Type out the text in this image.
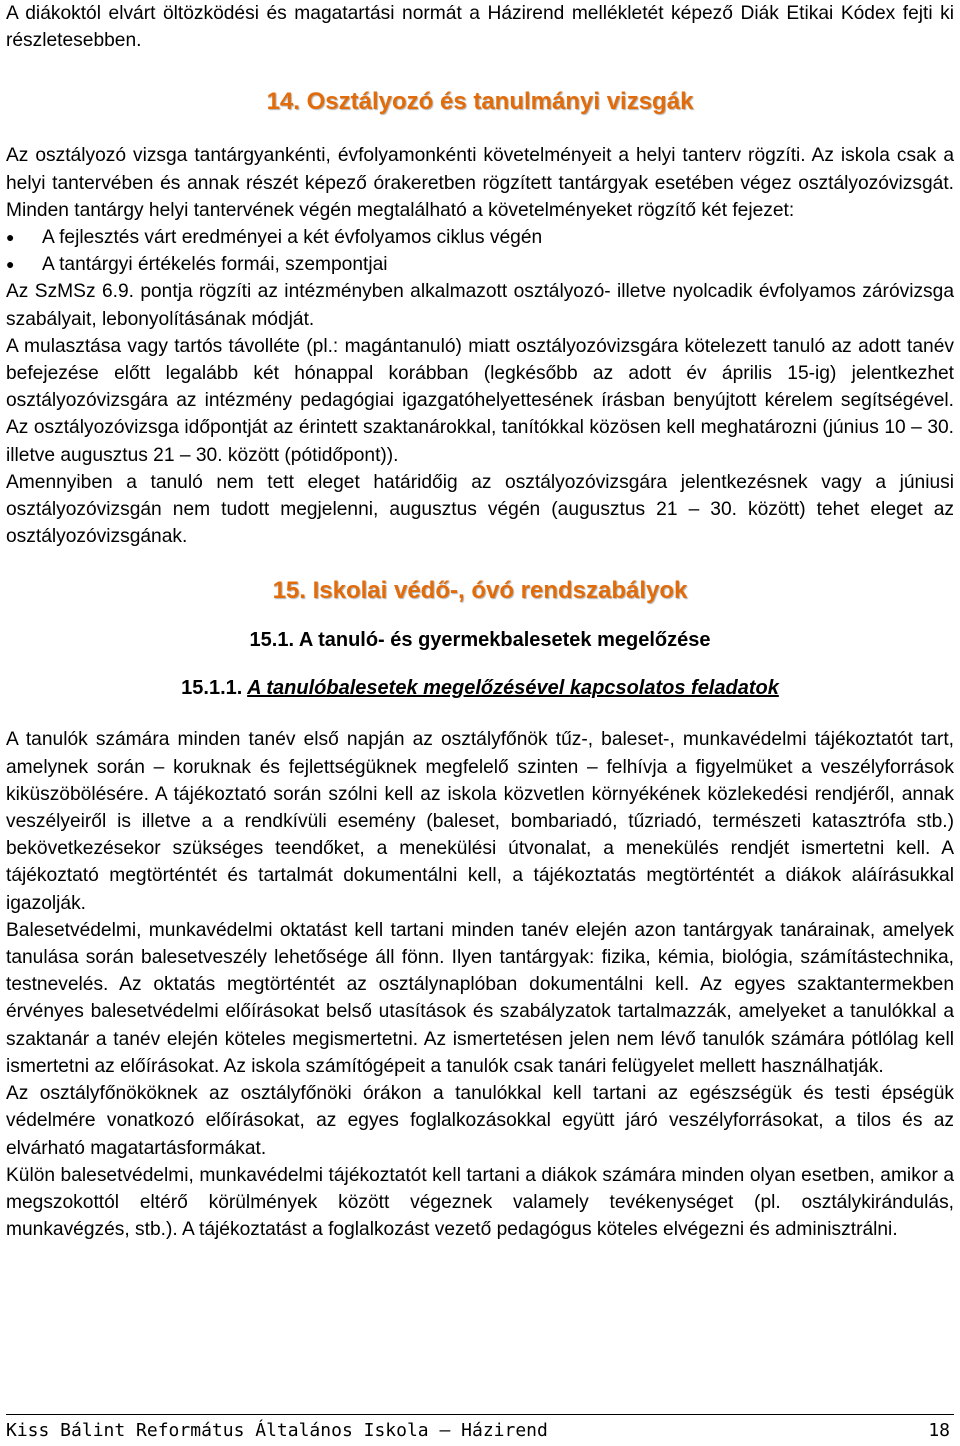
A diákoktól elvárt öltözködési és magatartási normát a Házirend mellékletét képező Diák Etikai Kódex fejti ki részletesebben.

14. Osztályozó és tanulmányi vizsgák

Az osztályozó vizsga tantárgyankénti, évfolyamonkénti követelményeit a helyi tanterv rögzíti. Az iskola csak a helyi tantervében és annak részét képező órakeretben rögzített tantárgyak esetében végez osztályozóvizsgát. Minden tantárgy helyi tantervének végén megtalálható a követelményeket rögzítő két fejezet:

● A fejlesztés várt eredményei a két évfolyamos ciklus végén
● A tantárgyi értékelés formái, szempontjai

Az SzMSz 6.9. pontja rögzíti az intézményben alkalmazott osztályozó- illetve nyolcadik évfolyamos záróvizsga szabályait, lebonyolításának módját.

A mulasztása vagy tartós távolléte (pl.: magántanuló) miatt osztályozóvizsgára kötelezett tanuló az adott tanév befejezése előtt legalább két hónappal korábban (legkésőbb az adott év április 15-ig) jelentkezhet osztályozóvizsgára az intézmény pedagógiai igazgatóhelyettesének írásban benyújtott kérelem segítségével. Az osztályozóvizsga időpontját az érintett szaktanárokkal, tanítókkal közösen kell meghatározni (június 10 – 30. illetve augusztus 21 – 30. között (pótidőpont)).

Amennyiben a tanuló nem tett eleget határidőig az osztályozóvizsgára jelentkezésnek vagy a júniusi osztályozóvizsgán nem tudott megjelenni, augusztus végén (augusztus 21 – 30. között) tehet eleget az osztályozóvizsgának.

15. Iskolai védő-, óvó rendszabályok
15.1. A tanuló- és gyermekbalesetek megelőzése
15.1.1. A tanulóbalesetek megelőzésével kapcsolatos feladatok

A tanulók számára minden tanév első napján az osztályfőnök tűz-, baleset-, munkavédelmi tájékoztatót tart, amelynek során – koruknak és fejlettségüknek megfelelő szinten – felhívja a figyelmüket a veszélyforrások kiküszöbölésére. A tájékoztató során szólni kell az iskola közvetlen környékének közlekedési rendjéről, annak veszélyeiről is illetve a a rendkívüli esemény (baleset, bombariadó, tűzriadó, természeti katasztrófa stb.) bekövetkezésekor szükséges teendőket, a menekülési útvonalat, a menekülés rendjét ismertetni kell. A tájékoztató megtörténtét és tartalmát dokumentálni kell, a tájékoztatás megtörténtét a diákok aláírásukkal igazolják.

Balesetvédelmi, munkavédelmi oktatást kell tartani minden tanév elején azon tantárgyak tanárainak, amelyek tanulása során balesetveszély lehetősége áll fönn. Ilyen tantárgyak: fizika, kémia, biológia, számítástechnika, testnevelés. Az oktatás megtörténtét az osztálynaplóban dokumentálni kell. Az egyes szaktantermekben érvényes balesetvédelmi előírásokat belső utasítások és szabályzatok tartalmazzák, amelyeket a tanulókkal a szaktanár a tanév elején köteles megismertetni. Az ismertetésen jelen nem lévő tanulók számára pótlólag kell ismertetni az előírásokat. Az iskola számítógépeit a tanulók csak tanári felügyelet mellett használhatják.

Az osztályfőnököknek az osztályfőnöki órákon a tanulókkal kell tartani az egészségük és testi épségük védelmére vonatkozó előírásokat, az egyes foglalkozásokkal együtt járó veszélyforrásokat, a tilos és az elvárható magatartásformákat.

Külön balesetvédelmi, munkavédelmi tájékoztatót kell tartani a diákok számára minden olyan esetben, amikor a megszokottól eltérő körülmények között végeznek valamely tevékenységet (pl. osztálykirándulás, munkavégzés, stb.). A tájékoztatást a foglalkozást vezető pedagógus köteles elvégezni és adminisztrálni.

Kiss Bálint Református Általános Iskola – Házirend	18
